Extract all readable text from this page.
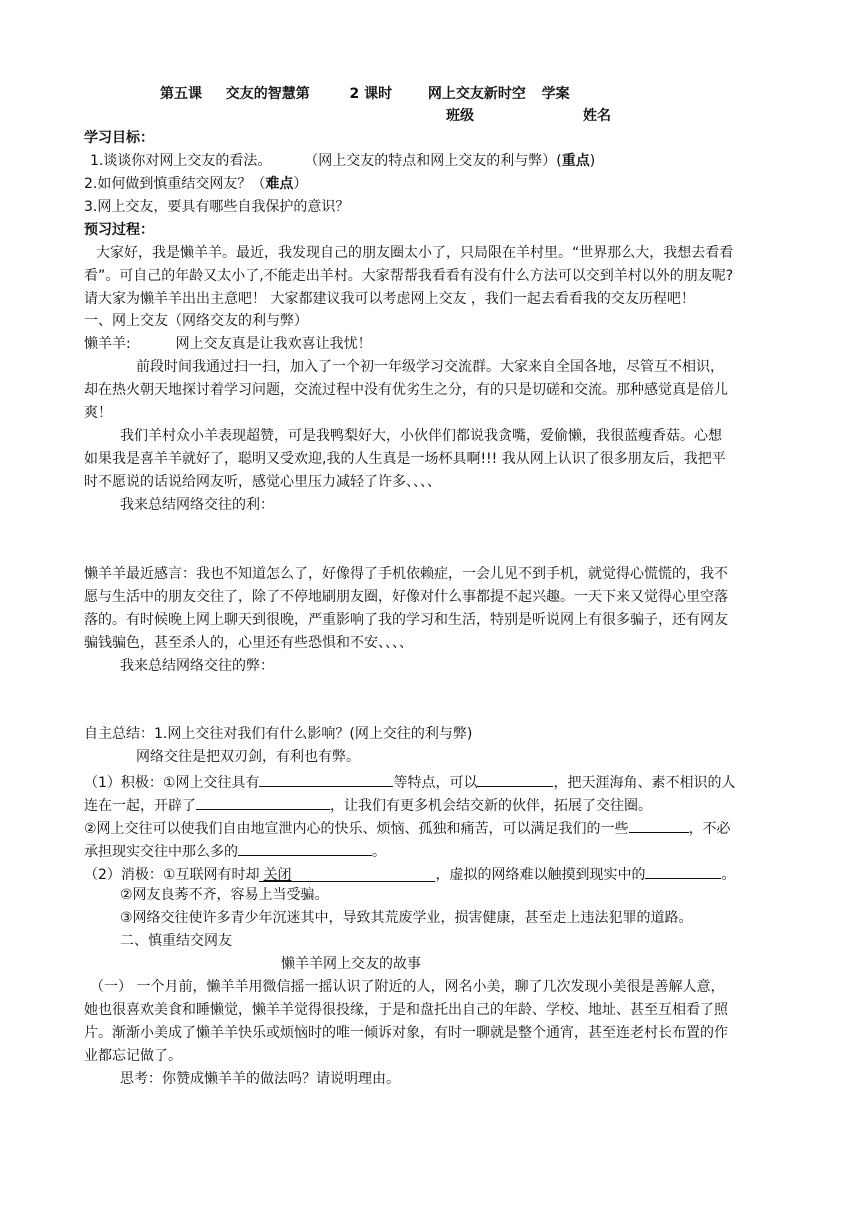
第五课 交友的智慧第	2 课时	网上交友新时空 学案
班级	姓名
学习目标：
1.谈谈你对网上交友的看法。 （网上交友的特点和网上交友的利与弊）(重点)
2.如何做到慎重结交网友？（难点）
3.网上交友，要具有哪些自我保护的意识？
预习过程：
大家好，我是懒羊羊。最近，我发现自己的朋友圈太小了，只局限在羊村里。“世界那么大，我想去看看
看”。可自己的年龄又太小了,不能走出羊村。大家帮帮我看看有没有什么方法可以交到羊村以外的朋友呢?
请大家为懒羊羊出出主意吧！ 大家都建议我可以考虑网上交友 ，我们一起去看看我的交友历程吧！
一、网上交友（网络交友的利与弊）
懒羊羊:	网上交友真是让我欢喜让我忧！
前段时间我通过扫一扫，加入了一个初一年级学习交流群。大家来自全国各地，尽管互不相识，
却在热火朝天地探讨着学习问题，交流过程中没有优劣生之分，有的只是切磋和交流。那种感觉真是倍儿
爽！
我们羊村众小羊表现超赞，可是我鸭梨好大，小伙伴们都说我贪嘴，爱偷懒，我很蓝瘦香菇。心想
如果我是喜羊羊就好了，聪明又受欢迎,我的人生真是一场杯具啊!!! 我从网上认识了很多朋友后，我把平
时不愿说的话说给网友听，感觉心里压力减轻了许多、、、、
我来总结网络交往的利：
懒羊羊最近感言：我也不知道怎么了，好像得了手机依赖症，一会儿见不到手机，就觉得心慌慌的，我不
愿与生活中的朋友交往了，除了不停地刷朋友圈，好像对什么事都提不起兴趣。一天下来又觉得心里空落
落的。有时候晚上网上聊天到很晚，严重影响了我的学习和生活，特别是听说网上有很多骗子，还有网友
骗钱骗色，甚至杀人的，心里还有些恐惧和不安、、、、
我来总结网络交往的弊：
自主总结：1.网上交往对我们有什么影响？(网上交往的利与弊)
网络交往是把双刃剑，有利也有弊。
（1）积极：①网上交往具有	等特点，可以	，把天涯海角、素不相识的人
连在一起，开辟了	，让我们有更多机会结交新的伙伴，拓展了交往圈。
②网上交往可以使我们自由地宣泄内心的快乐、烦恼、孤独和痛苦，可以满足我们的一些	，不必
承担现实交往中那么多的	。
（2）消极：①互联网有时却 关闭	，虚拟的网络难以触摸到现实中的	。
②网友良莠不齐，容易上当受骗。
③网络交往使许多青少年沉迷其中，导致其荒废学业，损害健康，甚至走上违法犯罪的道路。
二、慎重结交网友
懒羊羊网上交友的故事
（一） 一个月前，懒羊羊用微信摇一摇认识了附近的人，网名小美，聊了几次发现小美很是善解人意，
她也很喜欢美食和睡懒觉，懒羊羊觉得很投缘，于是和盘托出自己的年龄、学校、地址、甚至互相看了照
片。渐渐小美成了懒羊羊快乐或烦恼时的唯一倾诉对象，有时一聊就是整个通宵，甚至连老村长布置的作
业都忘记做了。
思考：你赞成懒羊羊的做法吗？请说明理由。
